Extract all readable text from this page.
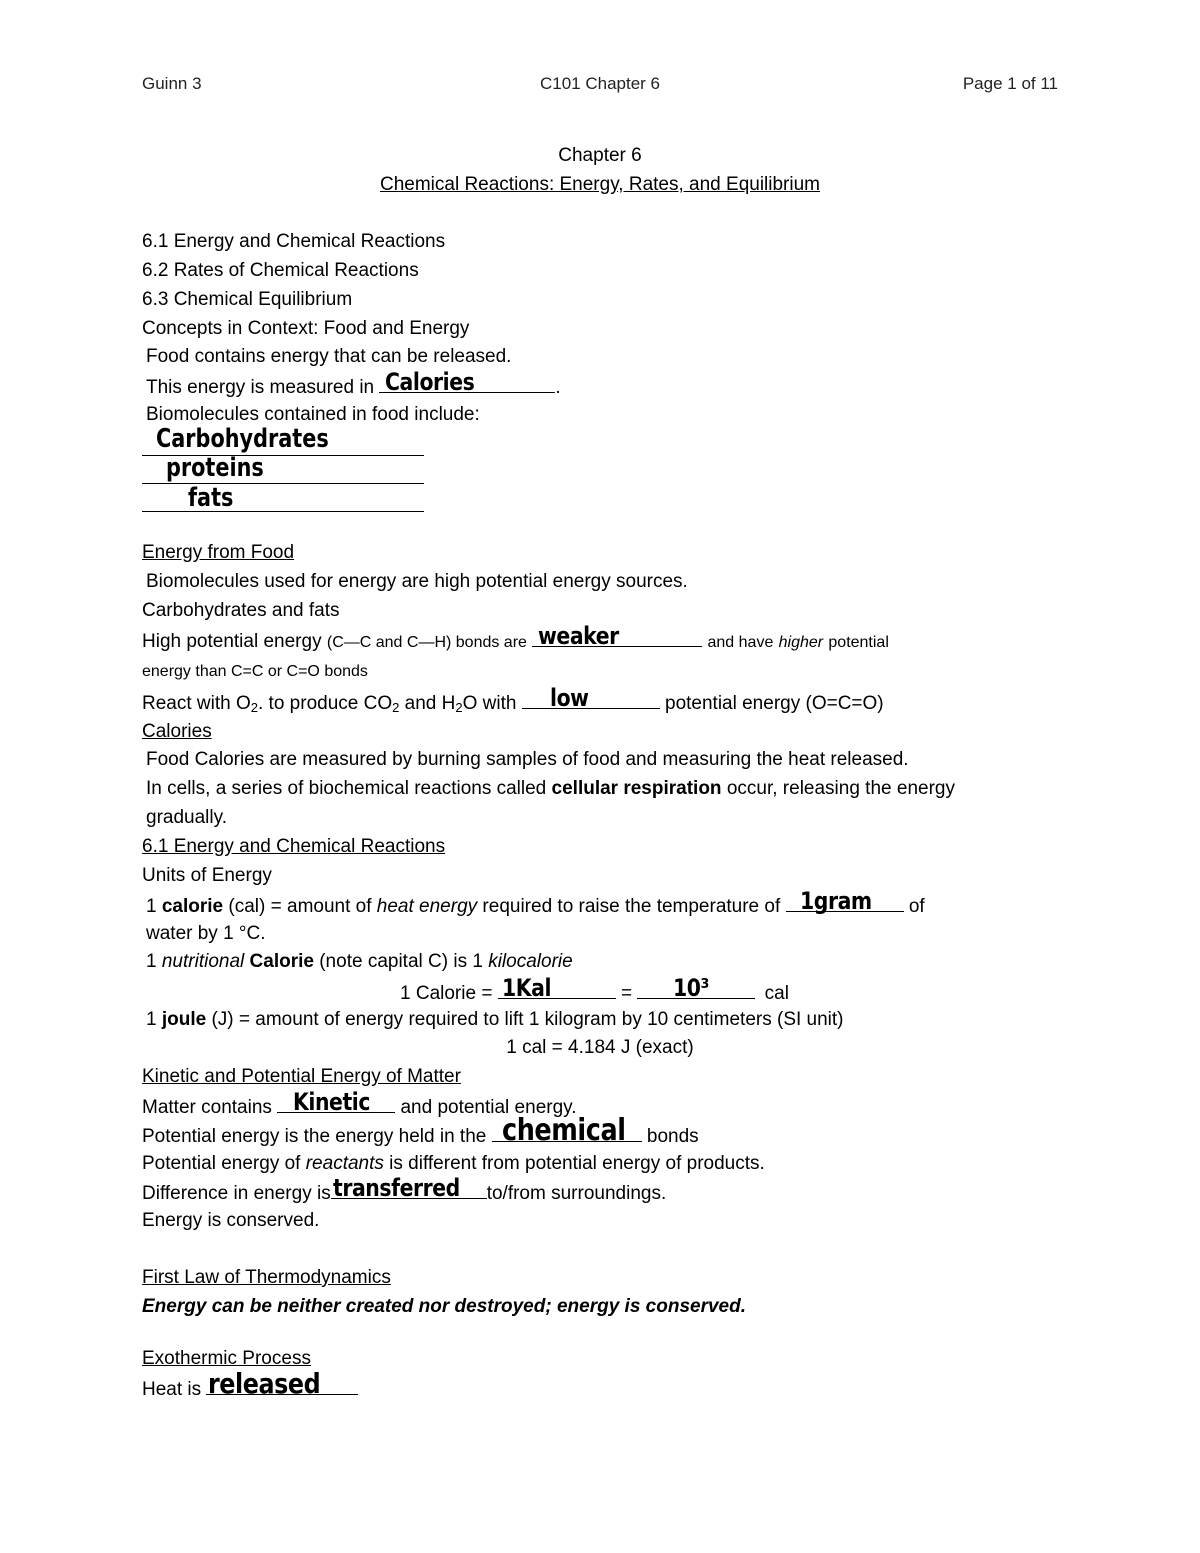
Guinn 3	C101 Chapter 6	Page 1 of 11
Chapter 6
Chemical Reactions: Energy, Rates, and Equilibrium
6.1 Energy and Chemical Reactions
6.2 Rates of Chemical Reactions
6.3 Chemical Equilibrium
Concepts in Context: Food and Energy
Food contains energy that can be released.
This energy is measured in Calories	.
Biomolecules contained in food include:
Carbohydrates
proteins
fats
Energy from Food
Biomolecules used for energy are high potential energy sources.
Carbohydrates and fats
High potential energy (C—C and C—H) bonds are weaker	and have higher potential
energy than C=C or C=O bonds
React with $O_2$. to produce $CO_2$ and $H_2O$ with low	potential energy (O=C=O)
Calories
Food Calories are measured by burning samples of food and measuring the heat released.
In cells, a series of biochemical reactions called cellular respiration occur, releasing the energy
gradually.
6.1 Energy and Chemical Reactions
Units of Energy
1 calorie (cal) = amount of heat energy required to raise the temperature of 1gram of
water by 1 °C.
1 nutritional Calorie (note capital C) is 1 kilocalorie
1 Calorie = 1Kal	= 10³	cal
1 joule (J) = amount of energy required to lift 1 kilogram by 10 centimeters (SI unit)
1 cal = 4.184 J (exact)
Kinetic and Potential Energy of Matter
Matter contains Kinetic and potential energy.
Potential energy is the energy held in the chemical bonds
Potential energy of reactants is different from potential energy of products.
Difference in energy is transferred to/from surroundings.
Energy is conserved.
First Law of Thermodynamics
Energy can be neither created nor destroyed; energy is conserved.
Exothermic Process
Heat is released
